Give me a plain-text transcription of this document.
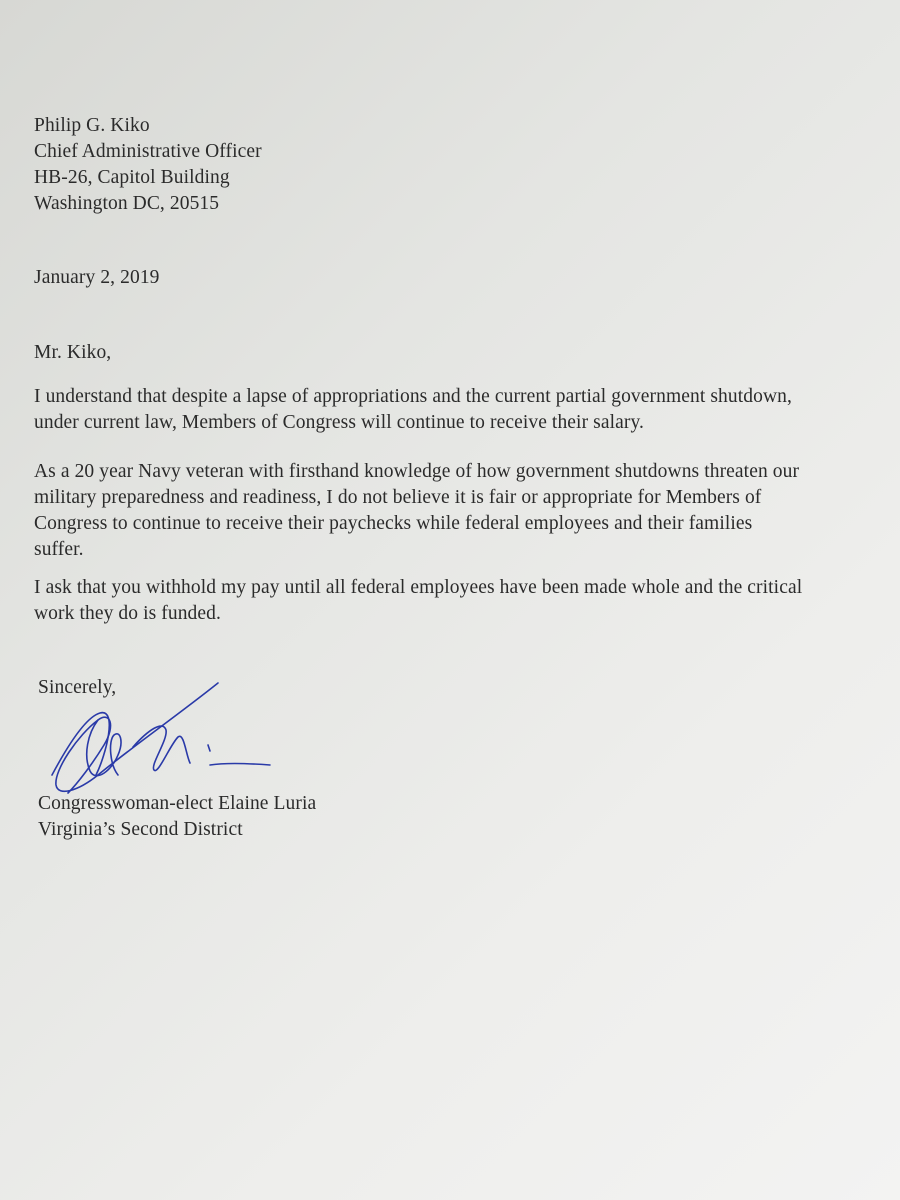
Philip G. Kiko
Chief Administrative Officer
HB-26, Capitol Building
Washington DC, 20515
January 2, 2019
Mr. Kiko,
I understand that despite a lapse of appropriations and the current partial government shutdown,
under current law, Members of Congress will continue to receive their salary.
As a 20 year Navy veteran with firsthand knowledge of how government shutdowns threaten our
military preparedness and readiness, I do not believe it is fair or appropriate for Members of
Congress to continue to receive their paychecks while federal employees and their families
suffer.
I ask that you withhold my pay until all federal employees have been made whole and the critical
work they do is funded.
Sincerely,
Congresswoman-elect Elaine Luria
Virginia’s Second District
